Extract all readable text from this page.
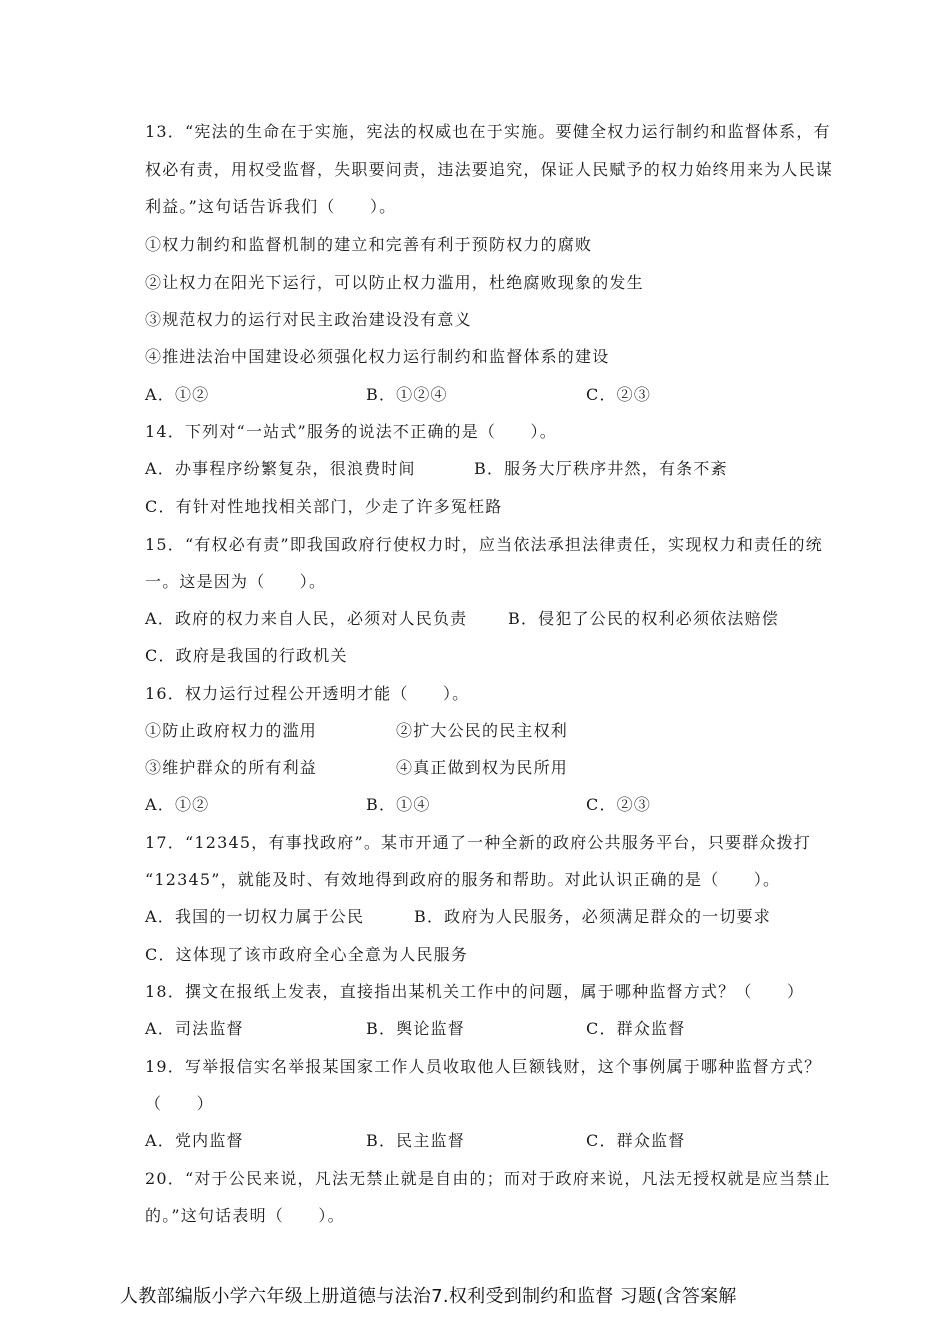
13．“宪法的生命在于实施，宪法的权威也在于实施。要健全权力运行制约和监督体系，有
权必有责，用权受监督，失职要问责，违法要追究，保证人民赋予的权力始终用来为人民谋
利益。”这句话告诉我们（　　）。
①权力制约和监督机制的建立和完善有利于预防权力的腐败
②让权力在阳光下运行，可以防止权力滥用，杜绝腐败现象的发生
③规范权力的运行对民主政治建设没有意义
④推进法治中国建设必须强化权力运行制约和监督体系的建设
A．①②	B．①②④	C．②③
14．下列对“一站式”服务的说法不正确的是（　　）。
A．办事程序纷繁复杂，很浪费时间	B．服务大厅秩序井然，有条不紊
C．有针对性地找相关部门，少走了许多冤枉路
15．“有权必有责”即我国政府行使权力时，应当依法承担法律责任，实现权力和责任的统
一。这是因为（　　）。
A．政府的权力来自人民，必须对人民负责	B．侵犯了公民的权利必须依法赔偿
C．政府是我国的行政机关
16．权力运行过程公开透明才能（　　）。
①防止政府权力的滥用	②扩大公民的民主权利
③维护群众的所有利益	④真正做到权为民所用
A．①②	B．①④	C．②③
17．“12345，有事找政府”。某市开通了一种全新的政府公共服务平台，只要群众拨打
“12345”，就能及时、有效地得到政府的服务和帮助。对此认识正确的是（　　）。
A．我国的一切权力属于公民	B．政府为人民服务，必须满足群众的一切要求
C．这体现了该市政府全心全意为人民服务
18．撰文在报纸上发表，直接指出某机关工作中的问题，属于哪种监督方式？（　　）
A．司法监督	B．舆论监督	C．群众监督
19．写举报信实名举报某国家工作人员收取他人巨额钱财，这个事例属于哪种监督方式？
（　　）
A．党内监督	B．民主监督	C．群众监督
20．“对于公民来说，凡法无禁止就是自由的；而对于政府来说，凡法无授权就是应当禁止
的。”这句话表明（　　）。
人教部编版小学六年级上册道德与法治7.权利受到制约和监督 习题(含答案解
